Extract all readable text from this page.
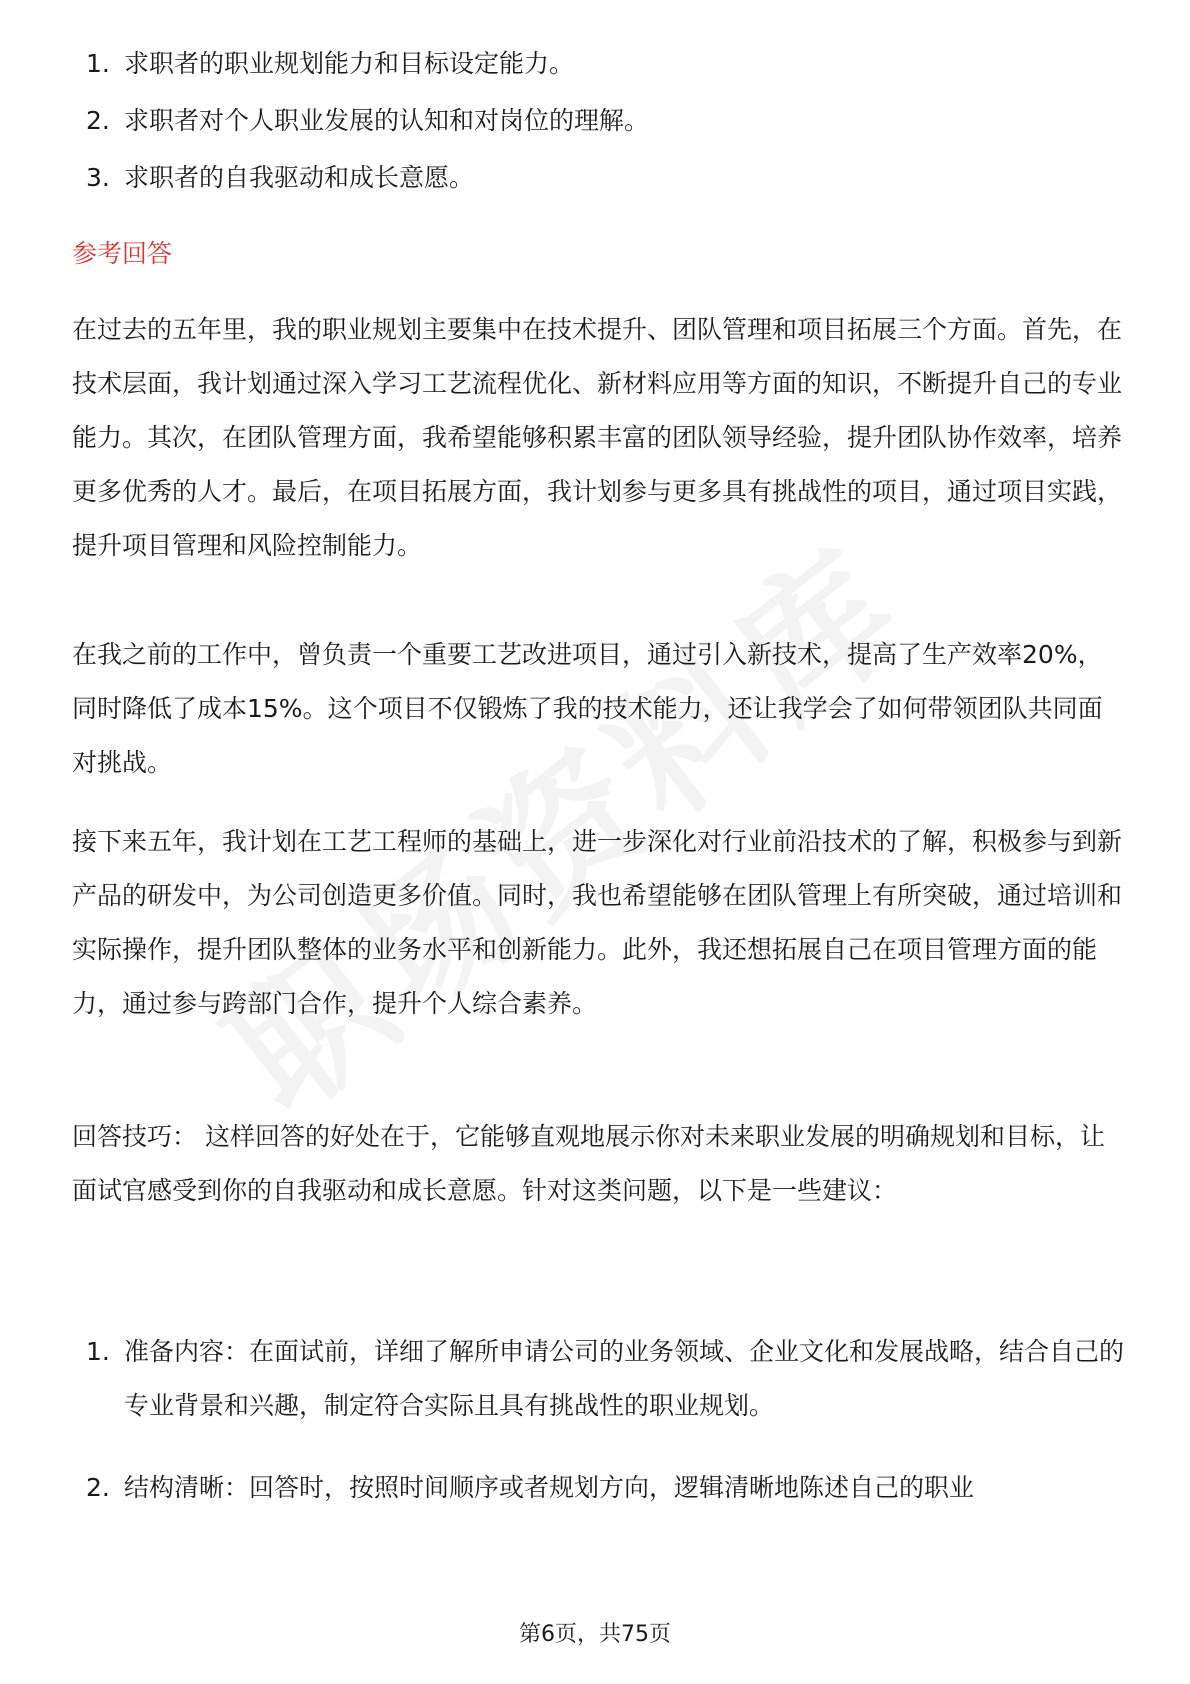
1. 求职者的职业规划能力和目标设定能力。
2. 求职者对个人职业发展的认知和对岗位的理解。
3. 求职者的自我驱动和成长意愿。
参考回答

在过去的五年里，我的职业规划主要集中在技术提升、团队管理和项目拓展三个方面。首先，在技术层面，我计划通过深入学习工艺流程优化、新材料应用等方面的知识，不断提升自己的专业能力。其次，在团队管理方面，我希望能够积累丰富的团队领导经验，提升团队协作效率，培养更多优秀的人才。最后，在项目拓展方面，我计划参与更多具有挑战性的项目，通过项目实践，提升项目管理和风险控制能力。

在我之前的工作中，曾负责一个重要工艺改进项目，通过引入新技术，提高了生产效率20%，同时降低了成本15%。这个项目不仅锻炼了我的技术能力，还让我学会了如何带领团队共同面对挑战。

接下来五年，我计划在工艺工程师的基础上，进一步深化对行业前沿技术的了解，积极参与到新产品的研发中，为公司创造更多价值。同时，我也希望能够在团队管理上有所突破，通过培训和实际操作，提升团队整体的业务水平和创新能力。此外，我还想拓展自己在项目管理方面的能力，通过参与跨部门合作，提升个人综合素养。

回答技巧： 这样回答的好处在于，它能够直观地展示你对未来职业发展的明确规划和目标，让面试官感受到你的自我驱动和成长意愿。针对这类问题，以下是一些建议：

1. 准备内容：在面试前，详细了解所申请公司的业务领域、企业文化和发展战略，结合自己的专业背景和兴趣，制定符合实际且具有挑战性的职业规划。
2. 结构清晰：回答时，按照时间顺序或者规划方向，逻辑清晰地陈述自己的职业
第6页，共75页
